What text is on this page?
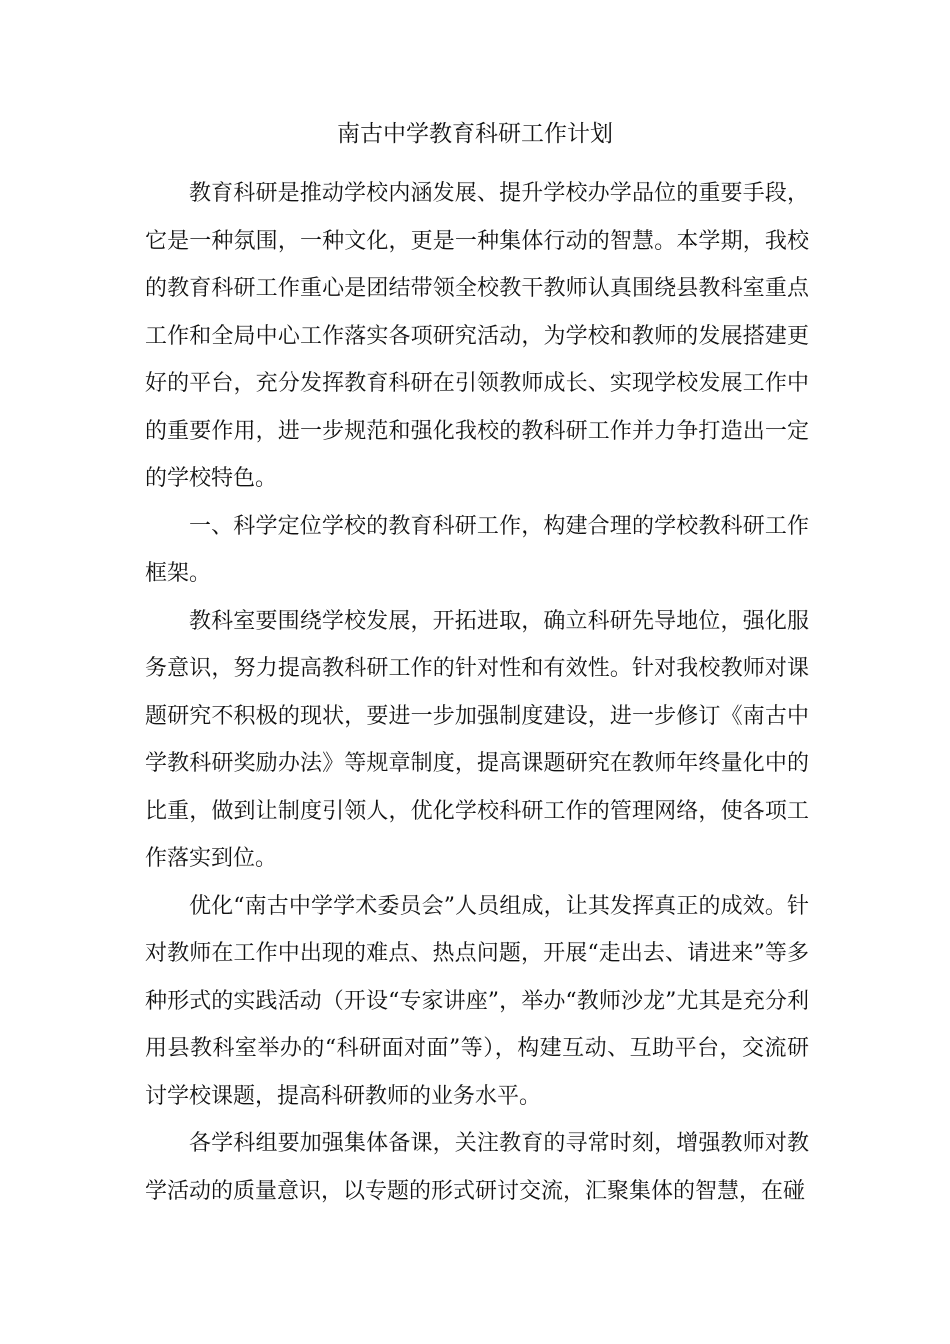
南古中学教育科研工作计划

教育科研是推动学校内涵发展、提升学校办学品位的重要手段，它是一种氛围，一种文化，更是一种集体行动的智慧。本学期，我校的教育科研工作重心是团结带领全校教干教师认真围绕县教科室重点工作和全局中心工作落实各项研究活动，为学校和教师的发展搭建更好的平台，充分发挥教育科研在引领教师成长、实现学校发展工作中的重要作用，进一步规范和强化我校的教科研工作并力争打造出一定的学校特色。

一、科学定位学校的教育科研工作，构建合理的学校教科研工作框架。

教科室要围绕学校发展，开拓进取，确立科研先导地位，强化服务意识，努力提高教科研工作的针对性和有效性。针对我校教师对课题研究不积极的现状，要进一步加强制度建设，进一步修订《南古中学教科研奖励办法》等规章制度，提高课题研究在教师年终量化中的比重，做到让制度引领人，优化学校科研工作的管理网络，使各项工作落实到位。

优化“南古中学学术委员会”人员组成，让其发挥真正的成效。针对教师在工作中出现的难点、热点问题，开展“走出去、请进来”等多种形式的实践活动（开设“专家讲座”，举办“教师沙龙”尤其是充分利用县教科室举办的“科研面对面”等），构建互动、互助平台，交流研讨学校课题，提高科研教师的业务水平。

各学科组要加强集体备课，关注教育的寻常时刻，增强教师对教学活动的质量意识，以专题的形式研讨交流，汇聚集体的智慧，在碰
